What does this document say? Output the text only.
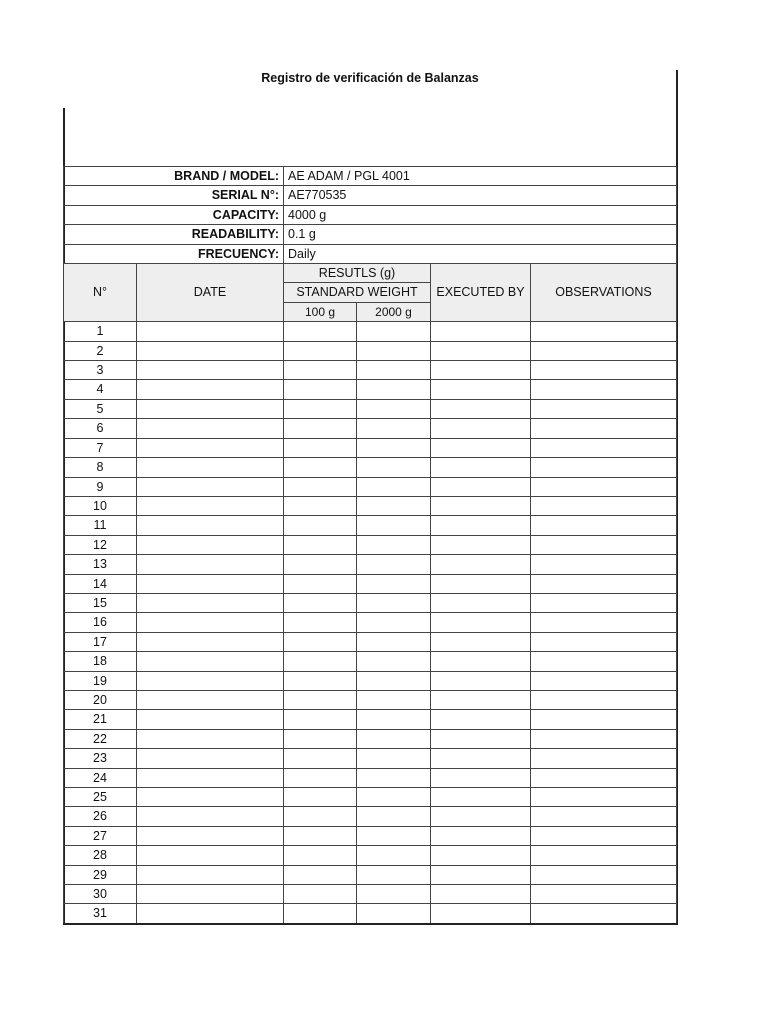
Registro de verificación de Balanzas
	BRAND / MODEL:	AE ADAM / PGL 4001			
	SERIAL N°:	AE770535			
	CAPACITY:	4000 g			
	READABILITY:	0.1 g			
	FRECUENCY:	Daily			
N°	DATE	RESUTLS (g)		EXECUTED BY	OBSERVATIONS
		STANDARD WEIGHT			
		100 g	2000 g		
1					
2					
3					
4					
5					
6					
7					
8					
9					
10					
11					
12					
13					
14					
15					
16					
17					
18					
19					
20					
21					
22					
23					
24					
25					
26					
27					
28					
29					
30					
31					
